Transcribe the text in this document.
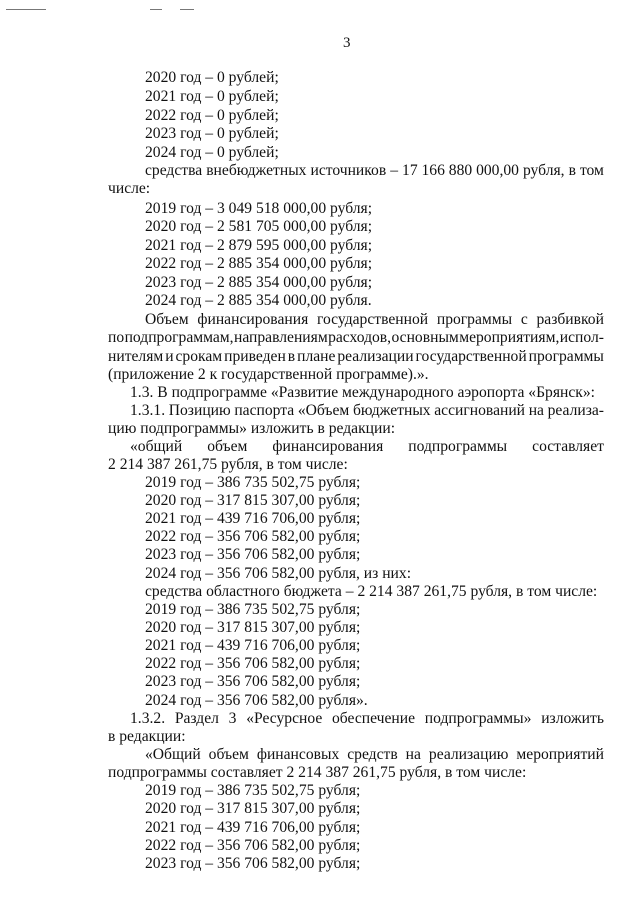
3
2020 год – 0 рублей;
2021 год – 0 рублей;
2022 год – 0 рублей;
2023 год – 0 рублей;
2024 год – 0 рублей;
средства внебюджетных источников – 17 166 880 000,00 рубля, в том
числе:
2019 год – 3 049 518 000,00 рубля;
2020 год – 2 581 705 000,00 рубля;
2021 год – 2 879 595 000,00 рубля;
2022 год – 2 885 354 000,00 рубля;
2023 год – 2 885 354 000,00 рубля;
2024 год – 2 885 354 000,00 рубля.
Объем финансирования государственной программы с разбивкой
по подпрограммам, направлениям расходов, основным мероприятиям, испол-
нителям и срокам приведен в плане реализации государственной программы
(приложение 2 к государственной программе).».
1.3. В подпрограмме «Развитие международного аэропорта «Брянск»:
1.3.1. Позицию паспорта «Объем бюджетных ассигнований на реализа-
цию подпрограммы» изложить в редакции:
«общий объем финансирования подпрограммы составляет
2 214 387 261,75 рубля, в том числе:
2019 год – 386 735 502,75 рубля;
2020 год – 317 815 307,00 рубля;
2021 год – 439 716 706,00 рубля;
2022 год – 356 706 582,00 рубля;
2023 год – 356 706 582,00 рубля;
2024 год – 356 706 582,00 рубля, из них:
средства областного бюджета – 2 214 387 261,75 рубля, в том числе:
2019 год – 386 735 502,75 рубля;
2020 год – 317 815 307,00 рубля;
2021 год – 439 716 706,00 рубля;
2022 год – 356 706 582,00 рубля;
2023 год – 356 706 582,00 рубля;
2024 год – 356 706 582,00 рубля».
1.3.2. Раздел 3 «Ресурсное обеспечение подпрограммы» изложить
в редакции:
«Общий объем финансовых средств на реализацию мероприятий
подпрограммы составляет 2 214 387 261,75 рубля, в том числе:
2019 год – 386 735 502,75 рубля;
2020 год – 317 815 307,00 рубля;
2021 год – 439 716 706,00 рубля;
2022 год – 356 706 582,00 рубля;
2023 год – 356 706 582,00 рубля;
